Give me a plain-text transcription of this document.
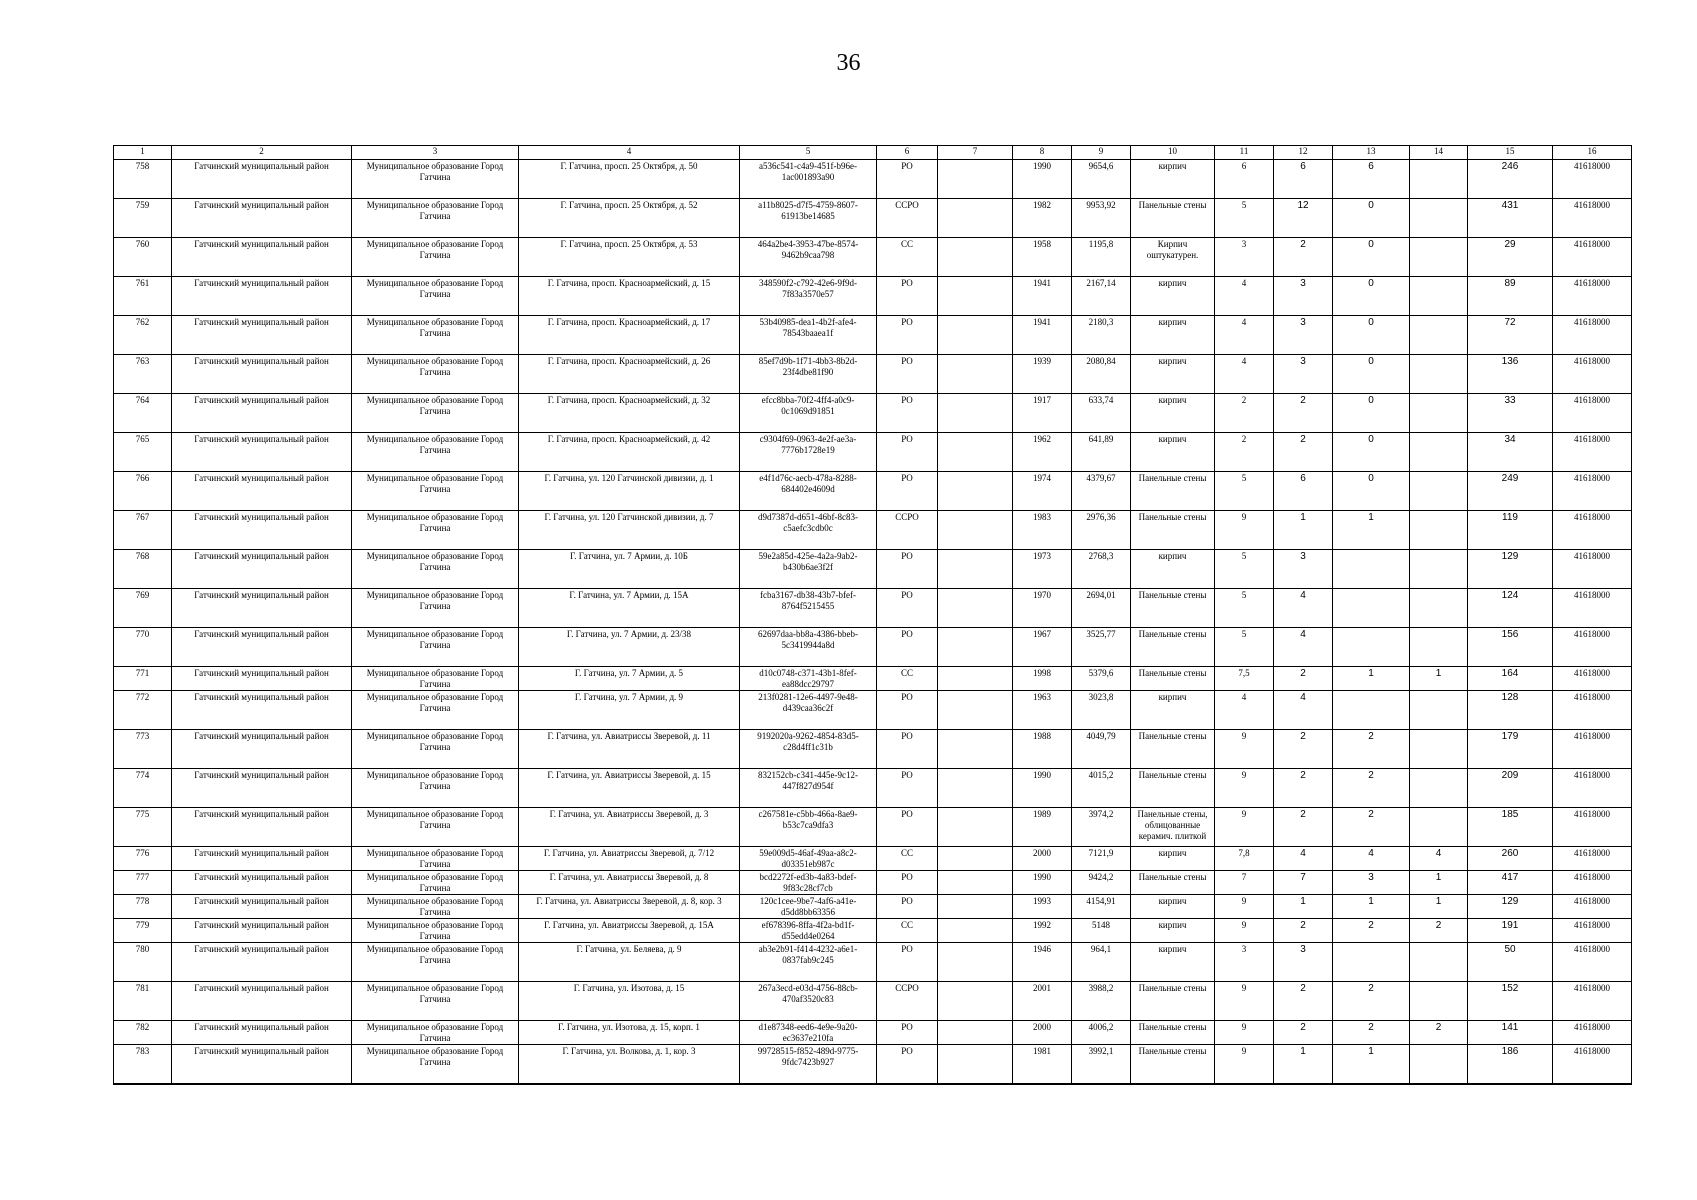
36
1	2	3	4	5	6	7	8	9	10	11	12	13	14	15	16
758	Гатчинский муниципальный район	Муниципальное образование Город Гатчина	Г. Гатчина, просп. 25 Октября, д. 50	a536c541-c4a9-451f-b96e-1ac001893a90	РО		1990	9654,6	кирпич	6	6	6		246	41618000
759	Гатчинский муниципальный район	Муниципальное образование Город Гатчина	Г. Гатчина, просп. 25 Октября, д. 52	a11b8025-d7f5-4759-8607-61913be14685	ССРО		1982	9953,92	Панельные стены	5	12	0		431	41618000
760	Гатчинский муниципальный район	Муниципальное образование Город Гатчина	Г. Гатчина, просп. 25 Октября, д. 53	464a2be4-3953-47be-8574-9462b9caa798	СС		1958	1195,8	Кирпич оштукатурен.	3	2	0		29	41618000
761	Гатчинский муниципальный район	Муниципальное образование Город Гатчина	Г. Гатчина, просп. Красноармейский, д. 15	348590f2-c792-42e6-9f9d-7f83a3570e57	РО		1941	2167,14	кирпич	4	3	0		89	41618000
762	Гатчинский муниципальный район	Муниципальное образование Город Гатчина	Г. Гатчина, просп. Красноармейский, д. 17	53b40985-dea1-4b2f-afe4-78543baaea1f	РО		1941	2180,3	кирпич	4	3	0		72	41618000
763	Гатчинский муниципальный район	Муниципальное образование Город Гатчина	Г. Гатчина, просп. Красноармейский, д. 26	85ef7d9b-1f71-4bb3-8b2d-23f4dbe81f90	РО		1939	2080,84	кирпич	4	3	0		136	41618000
764	Гатчинский муниципальный район	Муниципальное образование Город Гатчина	Г. Гатчина, просп. Красноармейский, д. 32	efcc8bba-70f2-4ff4-a0c9-0c1069d91851	РО		1917	633,74	кирпич	2	2	0		33	41618000
765	Гатчинский муниципальный район	Муниципальное образование Город Гатчина	Г. Гатчина, просп. Красноармейский, д. 42	c9304f69-0963-4e2f-ae3a-7776b1728e19	РО		1962	641,89	кирпич	2	2	0		34	41618000
766	Гатчинский муниципальный район	Муниципальное образование Город Гатчина	Г. Гатчина, ул. 120 Гатчинской дивизии, д. 1	e4f1d76c-aecb-478a-8288-684402e4609d	РО		1974	4379,67	Панельные стены	5	6	0		249	41618000
767	Гатчинский муниципальный район	Муниципальное образование Город Гатчина	Г. Гатчина, ул. 120 Гатчинской дивизии, д. 7	d9d7387d-d651-46bf-8c83-c5aefc3cdb0c	ССРО		1983	2976,36	Панельные стены	9	1	1		119	41618000
768	Гатчинский муниципальный район	Муниципальное образование Город Гатчина	Г. Гатчина, ул. 7 Армии, д. 10Б	59e2a85d-425e-4a2a-9ab2-b430b6ae3f2f	РО		1973	2768,3	кирпич	5	3			129	41618000
769	Гатчинский муниципальный район	Муниципальное образование Город Гатчина	Г. Гатчина, ул. 7 Армии, д. 15А	fcba3167-db38-43b7-bfef-8764f5215455	РО		1970	2694,01	Панельные стены	5	4			124	41618000
770	Гатчинский муниципальный район	Муниципальное образование Город Гатчина	Г. Гатчина, ул. 7 Армии, д. 23/38	62697daa-bb8a-4386-bbeb-5c3419944a8d	РО		1967	3525,77	Панельные стены	5	4			156	41618000
771	Гатчинский муниципальный район	Муниципальное образование Город Гатчина	Г. Гатчина, ул. 7 Армии, д. 5	d10c0748-c371-43b1-8fef-ea88dcc29797	СС		1998	5379,6	Панельные стены	7,5	2	1	1	164	41618000
772	Гатчинский муниципальный район	Муниципальное образование Город Гатчина	Г. Гатчина, ул. 7 Армии, д. 9	213f0281-12e6-4497-9e48-d439caa36c2f	РО		1963	3023,8	кирпич	4	4			128	41618000
773	Гатчинский муниципальный район	Муниципальное образование Город Гатчина	Г. Гатчина, ул. Авиатриссы Зверевой, д. 11	9192020a-9262-4854-83d5-c28d4ff1c31b	РО		1988	4049,79	Панельные стены	9	2	2		179	41618000
774	Гатчинский муниципальный район	Муниципальное образование Город Гатчина	Г. Гатчина, ул. Авиатриссы Зверевой, д. 15	832152cb-c341-445e-9c12-447f827d954f	РО		1990	4015,2	Панельные стены	9	2	2		209	41618000
775	Гатчинский муниципальный район	Муниципальное образование Город Гатчина	Г. Гатчина, ул. Авиатриссы Зверевой, д. 3	c267581e-c5bb-466a-8ae9-b53c7ca9dfa3	РО		1989	3974,2	Панельные стены, облицованные керамич. плиткой	9	2	2		185	41618000
776	Гатчинский муниципальный район	Муниципальное образование Город Гатчина	Г. Гатчина, ул. Авиатриссы Зверевой, д. 7/12	59e009d5-46af-49aa-a8c2-d03351eb987c	СС		2000	7121,9	кирпич	7,8	4	4	4	260	41618000
777	Гатчинский муниципальный район	Муниципальное образование Город Гатчина	Г. Гатчина, ул. Авиатриссы Зверевой, д. 8	bcd2272f-ed3b-4a83-bdef-9f83c28cf7cb	РО		1990	9424,2	Панельные стены	7	7	3	1	417	41618000
778	Гатчинский муниципальный район	Муниципальное образование Город Гатчина	Г. Гатчина, ул. Авиатриссы Зверевой, д. 8, кор. 3	120c1cee-9be7-4af6-a41e-d5dd8bb63356	РО		1993	4154,91	кирпич	9	1	1	1	129	41618000
779	Гатчинский муниципальный район	Муниципальное образование Город Гатчина	Г. Гатчина, ул. Авиатриссы Зверевой, д. 15А	ef678396-8ffa-4f2a-bd1f-d55edd4e0264	СС		1992	5148	кирпич	9	2	2	2	191	41618000
780	Гатчинский муниципальный район	Муниципальное образование Город Гатчина	Г. Гатчина, ул. Беляева, д. 9	ab3e2b91-f414-4232-a6e1-0837fab9c245	РО		1946	964,1	кирпич	3	3			50	41618000
781	Гатчинский муниципальный район	Муниципальное образование Город Гатчина	Г. Гатчина, ул. Изотова, д. 15	267a3ecd-e03d-4756-88cb-470af3520c83	ССРО		2001	3988,2	Панельные стены	9	2	2		152	41618000
782	Гатчинский муниципальный район	Муниципальное образование Город Гатчина	Г. Гатчина, ул. Изотова, д. 15, корп. 1	d1e87348-eed6-4e9e-9a20-ec3637e210fa	РО		2000	4006,2	Панельные стены	9	2	2	2	141	41618000
783	Гатчинский муниципальный район	Муниципальное образование Город Гатчина	Г. Гатчина, ул. Волкова, д. 1, кор. 3	99728515-f852-489d-9775-9fdc7423b927	РО		1981	3992,1	Панельные стены	9	1	1		186	41618000
